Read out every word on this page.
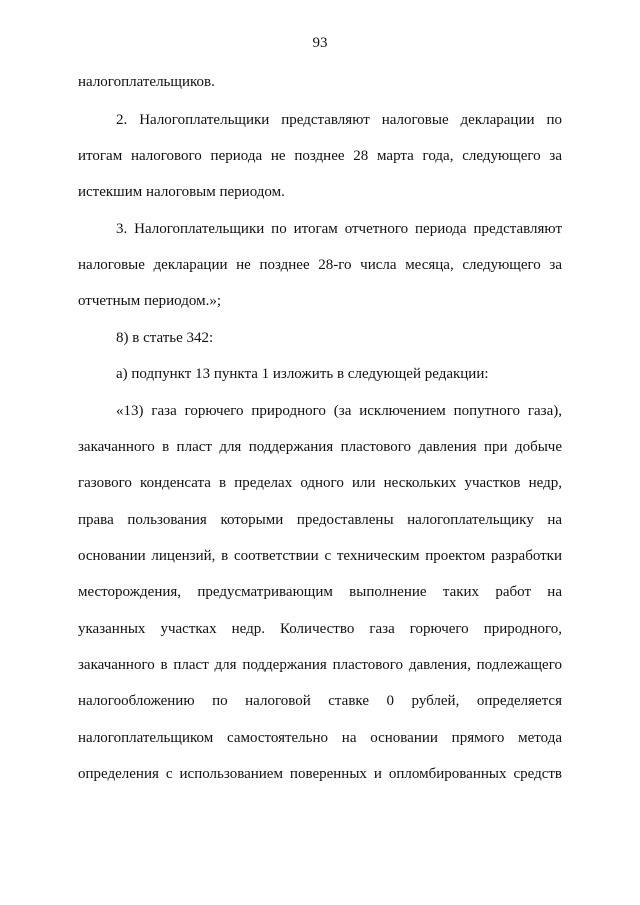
93
налогоплательщиков.
2. Налогоплательщики представляют налоговые декларации по
итогам налогового периода не позднее 28 марта года, следующего за
истекшим налоговым периодом.
3. Налогоплательщики по итогам отчетного периода представляют
налоговые декларации не позднее 28-го числа месяца, следующего за
отчетным периодом.»;
8) в статье 342:
а) подпункт 13 пункта 1 изложить в следующей редакции:
«13) газа горючего природного (за исключением попутного газа),
закачанного в пласт для поддержания пластового давления при добыче
газового конденсата в пределах одного или нескольких участков недр,
права пользования которыми предоставлены налогоплательщику на
основании лицензий, в соответствии с техническим проектом разработки
месторождения, предусматривающим выполнение таких работ на
указанных участках недр. Количество газа горючего природного,
закачанного в пласт для поддержания пластового давления, подлежащего
налогообложению по налоговой ставке 0 рублей, определяется
налогоплательщиком самостоятельно на основании прямого метода
определения с использованием поверенных и опломбированных средств
